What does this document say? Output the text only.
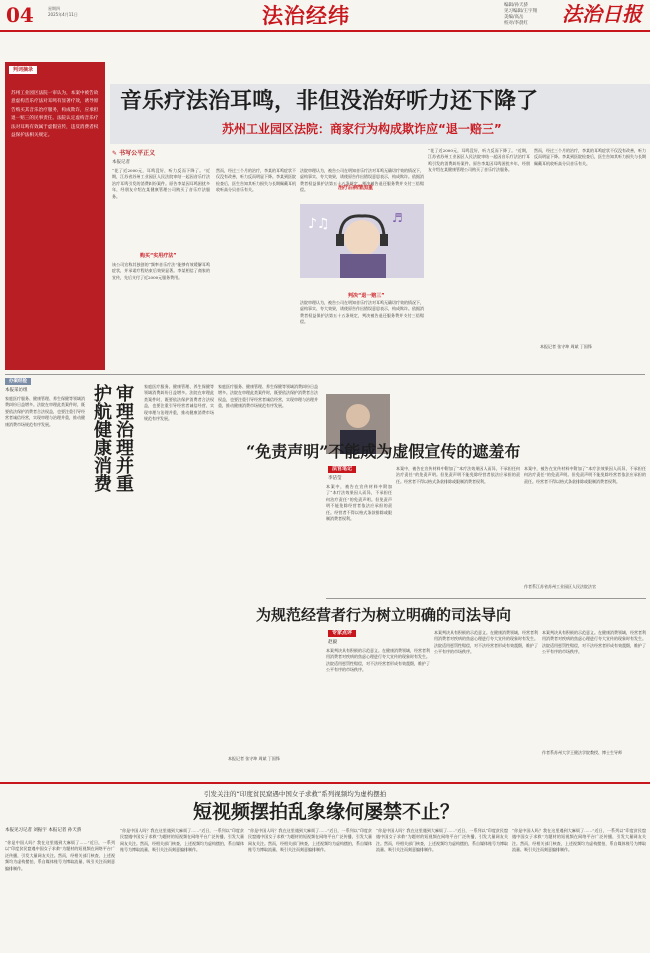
04	星期四
2025年4月11日	法治经纬	编辑/孙天骄
见习编辑/王宇翔
美编/高岳
校对/李晨红	法治日报

苏州工业园区法院一审认为，本案中被告故意虚构音乐疗法对耳鸣有显著疗效，诱导原告购买其音乐治疗服务，构成欺诈，应承担退一赔三的民事责任。法院认定虚构音乐疗法对耳鸣有效属于虚假宣传，违反消费者权益保护法相关规定。

判词摘录
音乐疗法治耳鸣，非但没治好听力还下降了
苏州工业园区法院：商家行为构成欺诈应“退一赔三”
✎ 书写公平正义
本报记者
“花了近2000元，耳鸣没好，听力反而下降了。”近期，江苏省苏州工业园区人民法院审结一起因音乐疗法治疗耳鸣引发的消费纠纷案件。原告李某因耳鸣困扰多年，经朋友介绍在某健康管理公司购买了音乐疗法服务。
购买“实用疗法”
该公司宣称其独创的“频率音乐疗法”能够有效缓解耳鸣症状，并承诺疗程结束后效果显著。李某相信了商家的宣传，先后支付了近2000元服务费用。
然而，经过三个月的治疗，李某的耳鸣症状不仅没有改善，听力反而明显下降。李某到医院检查后，医生告知其听力损失与长期佩戴耳机收听高分贝音乐有关。
♪♫	♬
法院审理认为，被告公司在明知音乐疗法对耳鸣无确切疗效的情况下，虚构事实、夸大效果，诱使原告作出错误意思表示，构成欺诈。依据消费者权益保护法第五十五条规定，判决被告退还服务费并支付三倍赔偿。	治疗后病情加重
“花了近2000元，耳鸣没好，听力反而下降了。”近期，江苏省苏州工业园区人民法院审结一起因音乐疗法治疗耳鸣引发的消费纠纷案件。原告李某因耳鸣困扰多年，经朋友介绍在某健康管理公司购买了音乐疗法服务。
判决“退一赔三”
法院审理认为，被告公司在明知音乐疗法对耳鸣无确切疗效的情况下，虚构事实、夸大效果，诱使原告作出错误意思表示，构成欺诈。依据消费者权益保护法第五十五条规定，判决被告退还服务费并支付三倍赔偿。
然而，经过三个月的治疗，李某的耳鸣症状不仅没有改善，听力反而明显下降。李某到医院检查后，医生告知其听力损失与长期佩戴耳机收听高分贝音乐有关。
本报记者 张守坤 周斌 丁国锋
办案经验
本报采访组
家庭医疗服务、健康管理、养生保健等领域消费纠纷日益增多。法院在审理此类案件时，既要依法保护消费者合法权益，也要注重引导经营者诚信经营，实现审理与治理并重，推动健康消费市场规范有序发展。	审理治理并重 护航健康消费	家庭医疗服务、健康管理、养生保健等领域消费纠纷日益增多。法院在审理此类案件时，既要依法保护消费者合法权益，也要注重引导经营者诚信经营，实现审理与治理并重，推动健康消费市场规范有序发展。
家庭医疗服务、健康管理、养生保健等领域消费纠纷日益增多。法院在审理此类案件时，既要依法保护消费者合法权益，也要注重引导经营者诚信经营，实现审理与治理并重，推动健康消费市场规范有序发展。
本报记者 张守坤 周斌 丁国锋
“免责声明”不能成为虚假宣传的遮羞布
法官笔记
李洁莹
本案中，被告在宣传材料中附加了“本疗法效果因人而异，不承担任何治疗责任”的免责声明。但免责声明不能免除经营者依法应承担的责任。经营者不得以格式条款排除或限制消费者权利。
本案中，被告在宣传材料中附加了“本疗法效果因人而异，不承担任何治疗责任”的免责声明。但免责声明不能免除经营者依法应承担的责任。经营者不得以格式条款排除或限制消费者权利。
本案中，被告在宣传材料中附加了“本疗法效果因人而异，不承担任何治疗责任”的免责声明。但免责声明不能免除经营者依法应承担的责任。经营者不得以格式条款排除或限制消费者权利。
作者系江苏省苏州工业园区人民法院法官
为规范经营者行为树立明确的司法导向
专家点评
赵毅
本案判决具有积极的示范意义。在健康消费领域，经营者利用消费者对疾病的焦虑心理进行夸大宣传的现象时有发生。法院适用惩罚性赔偿，对不法经营者形成有效震慑，维护了公平有序的市场秩序。
本案判决具有积极的示范意义。在健康消费领域，经营者利用消费者对疾病的焦虑心理进行夸大宣传的现象时有发生。法院适用惩罚性赔偿，对不法经营者形成有效震慑，维护了公平有序的市场秩序。
本案判决具有积极的示范意义。在健康消费领域，经营者利用消费者对疾病的焦虑心理进行夸大宣传的现象时有发生。法院适用惩罚性赔偿，对不法经营者形成有效震慑，维护了公平有序的市场秩序。
作者系苏州大学王健法学院教授、博士生导师
引发关注的“印度贫民窟遇中国女子求救”系列视频均为虚构摆拍
短视频摆拍乱象缘何屡禁不止？
本报见习记者 刘振宇 本报记者 孙天骄
“你是中国人吗？我在这里遇到大麻烦了……”近日，一系列以“印度贫民窟遇中国女子求救”为题材的短视频在网络平台广泛传播，引发大量网友关注。然而，经相关部门核查，上述视频均为虚构摆拍，系自媒体账号为博取流量、吸引关注而刻意编排制作。
“你是中国人吗？我在这里遇到大麻烦了……”近日，一系列以“印度贫民窟遇中国女子求救”为题材的短视频在网络平台广泛传播，引发大量网友关注。然而，经相关部门核查，上述视频均为虚构摆拍，系自媒体账号为博取流量、吸引关注而刻意编排制作。
“你是中国人吗？我在这里遇到大麻烦了……”近日，一系列以“印度贫民窟遇中国女子求救”为题材的短视频在网络平台广泛传播，引发大量网友关注。然而，经相关部门核查，上述视频均为虚构摆拍，系自媒体账号为博取流量、吸引关注而刻意编排制作。
“你是中国人吗？我在这里遇到大麻烦了……”近日，一系列以“印度贫民窟遇中国女子求救”为题材的短视频在网络平台广泛传播，引发大量网友关注。然而，经相关部门核查，上述视频均为虚构摆拍，系自媒体账号为博取流量、吸引关注而刻意编排制作。
“你是中国人吗？我在这里遇到大麻烦了……”近日，一系列以“印度贫民窟遇中国女子求救”为题材的短视频在网络平台广泛传播，引发大量网友关注。然而，经相关部门核查，上述视频均为虚构摆拍，系自媒体账号为博取流量、吸引关注而刻意编排制作。
